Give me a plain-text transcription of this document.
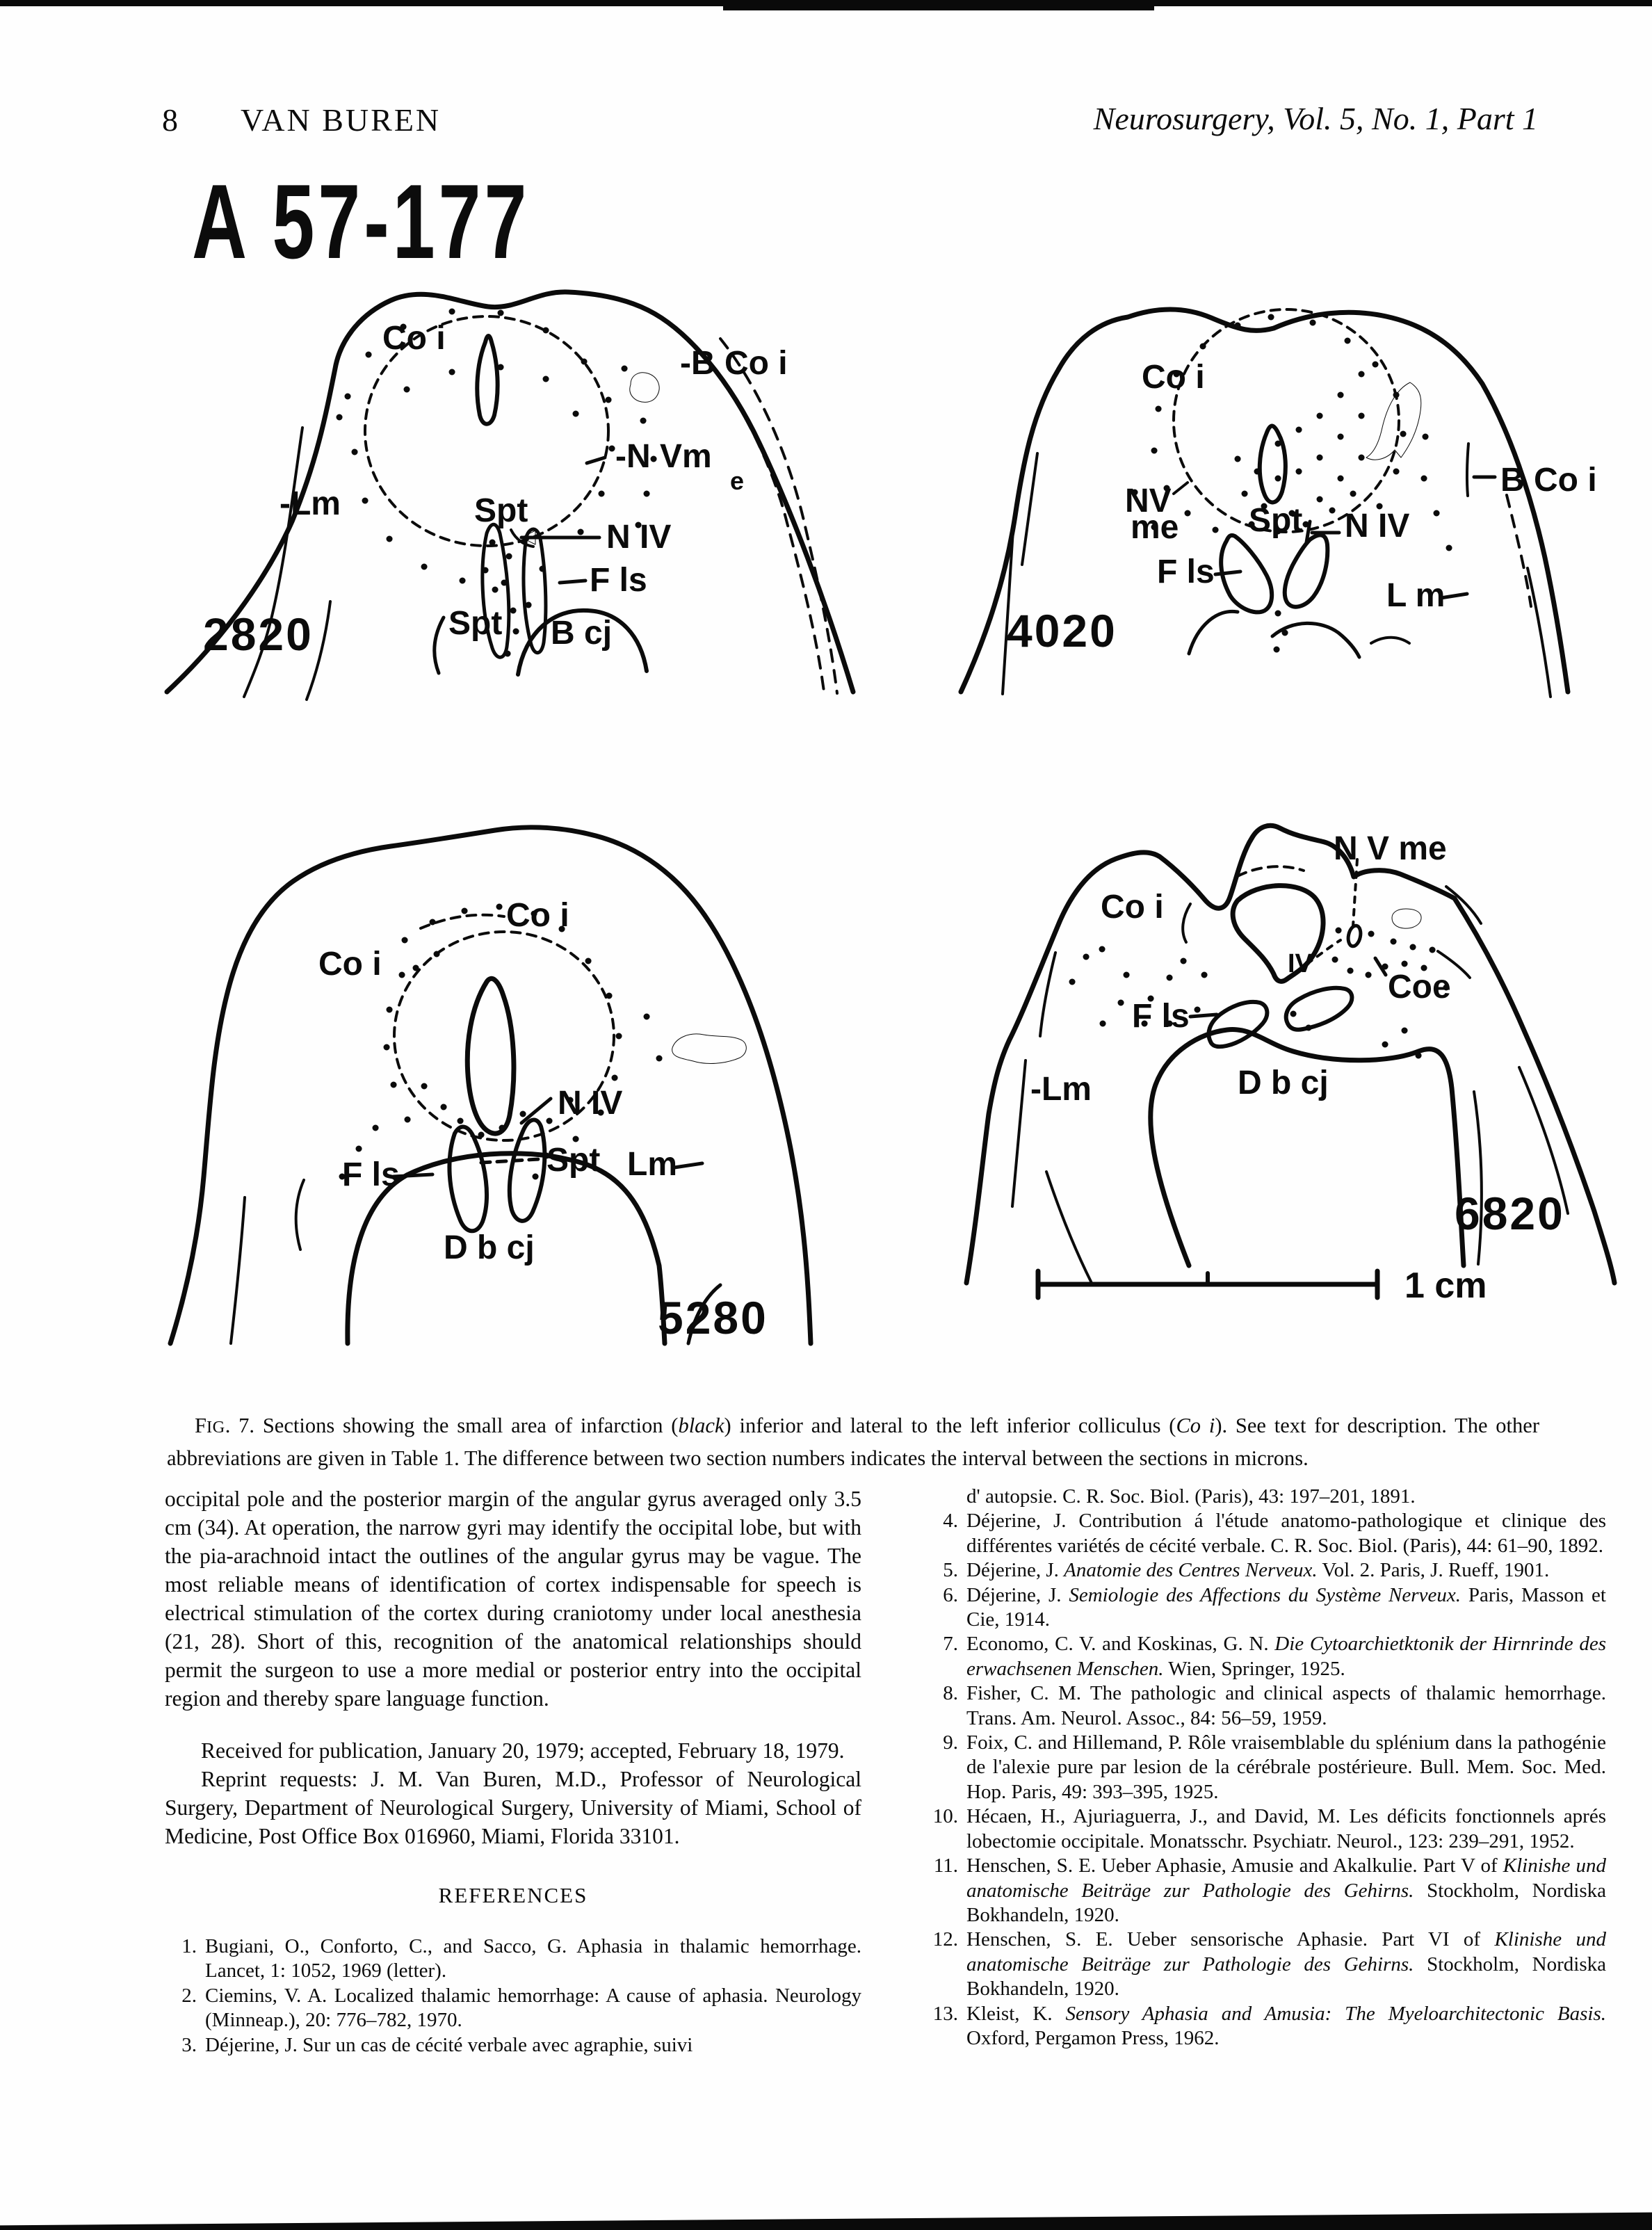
8 VAN BUREN	Neurosurgery, Vol. 5, No. 1, Part 1
A 57-177
Co i
-B Co i
-N Vm
e
-Lm	Spt
N IV
F ls
Spt B cj
2820
Co i
NV
me Spt N IV
F ls
B Co i
L m
4020
Co i
Co i
N IV
Spt
F ls	Lm
D b cj
5280
N V me
Co i
IV
Coe
F ls
-Lm	D b cj
6820
1 cm
FIG. 7. Sections showing the small area of infarction (black) inferior and lateral to the left inferior colliculus (Co i). See text for description. The other abbreviations are given in Table 1. The difference between two section numbers indicates the interval between the sections in microns.

occipital pole and the posterior margin of the angular gyrus averaged only 3.5 cm (34). At operation, the narrow gyri may identify the occipital lobe, but with the pia-arachnoid intact the outlines of the angular gyrus may be vague. The most reliable means of identification of cortex indispensable for speech is electrical stimulation of the cortex during craniotomy under local anesthesia (21, 28). Short of this, recognition of the anatomical relationships should permit the surgeon to use a more medial or posterior entry into the occipital region and thereby spare language function.

Received for publication, January 20, 1979; accepted, February 18, 1979.

Reprint requests: J. M. Van Buren, M.D., Professor of Neurological Surgery, Department of Neurological Surgery, University of Miami, School of Medicine, Post Office Box 016960, Miami, Florida 33101.

REFERENCES
1. Bugiani, O., Conforto, C., and Sacco, G. Aphasia in thalamic hemorrhage. Lancet, 1: 1052, 1969 (letter).
2. Ciemins, V. A. Localized thalamic hemorrhage: A cause of aphasia. Neurology (Minneap.), 20: 776–782, 1970.
3. Déjerine, J. Sur un cas de cécité verbale avec agraphie, suivi
d' autopsie. C. R. Soc. Biol. (Paris), 43: 197–201, 1891.
4. Déjerine, J. Contribution á l'étude anatomo-pathologique et clinique des différentes variétés de cécité verbale. C. R. Soc. Biol. (Paris), 44: 61–90, 1892.
5. Déjerine, J. Anatomie des Centres Nerveux. Vol. 2. Paris, J. Rueff, 1901.
6. Déjerine, J. Semiologie des Affections du Système Nerveux. Paris, Masson et Cie, 1914.
7. Economo, C. V. and Koskinas, G. N. Die Cytoarchietktonik der Hirnrinde des erwachsenen Menschen. Wien, Springer, 1925.
8. Fisher, C. M. The pathologic and clinical aspects of thalamic hemorrhage. Trans. Am. Neurol. Assoc., 84: 56–59, 1959.
9. Foix, C. and Hillemand, P. Rôle vraisemblable du splénium dans la pathogénie de l'alexie pure par lesion de la cérébrale postérieure. Bull. Mem. Soc. Med. Hop. Paris, 49: 393–395, 1925.
10. Hécaen, H., Ajuriaguerra, J., and David, M. Les déficits fonctionnels aprés lobectomie occipitale. Monatsschr. Psychiatr. Neurol., 123: 239–291, 1952.
11. Henschen, S. E. Ueber Aphasie, Amusie and Akalkulie. Part V of Klinishe und anatomische Beiträge zur Pathologie des Gehirns. Stockholm, Nordiska Bokhandeln, 1920.
12. Henschen, S. E. Ueber sensorische Aphasie. Part VI of Klinishe und anatomische Beiträge zur Pathologie des Gehirns. Stockholm, Nordiska Bokhandeln, 1920.
13. Kleist, K. Sensory Aphasia and Amusia: The Myeloarchitectonic Basis. Oxford, Pergamon Press, 1962.
